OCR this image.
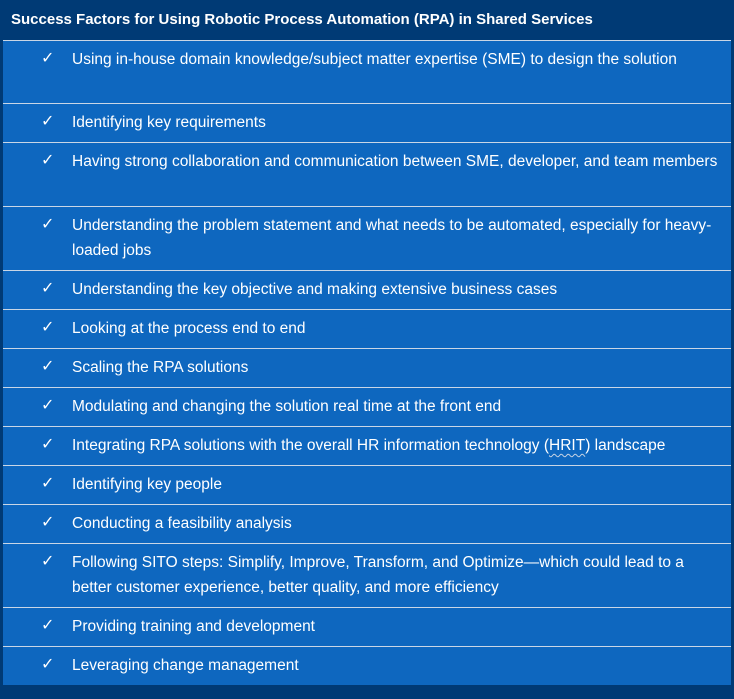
Success Factors for Using Robotic Process Automation (RPA) in Shared Services
✓ Using in-house domain knowledge/subject matter expertise (SME) to design the solution
✓ Identifying key requirements
✓ Having strong collaboration and communication between SME, developer, and team members
✓ Understanding the problem statement and what needs to be automated, especially for heavy-loaded jobs
✓ Understanding the key objective and making extensive business cases
✓ Looking at the process end to end
✓ Scaling the RPA solutions
✓ Modulating and changing the solution real time at the front end
✓ Integrating RPA solutions with the overall HR information technology (HRIT) landscape
✓ Identifying key people
✓ Conducting a feasibility analysis
✓ Following SITO steps: Simplify, Improve, Transform, and Optimize—which could lead to a better customer experience, better quality, and more efficiency
✓ Providing training and development
✓ Leveraging change management
